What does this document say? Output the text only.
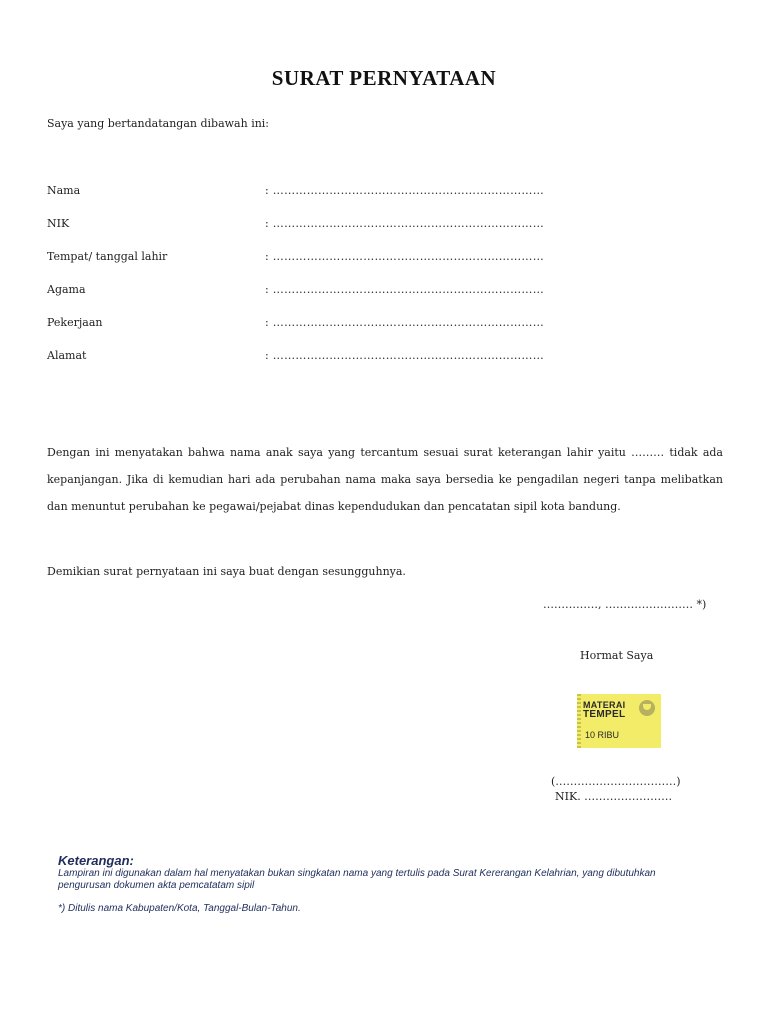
SURAT PERNYATAAN
Saya yang bertandatangan dibawah ini:
Nama	: ………………………………………………………………
NIK	: ………………………………………………………………
Tempat/ tanggal lahir	: ………………………………………………………………
Agama	: ………………………………………………………………
Pekerjaan	: ………………………………………………………………
Alamat	: ………………………………………………………………
Dengan ini menyatakan bahwa nama anak saya yang tercantum sesuai surat keterangan lahir yaitu ……… tidak ada kepanjangan. Jika di kemudian hari ada perubahan nama maka saya bersedia ke pengadilan negeri tanpa melibatkan dan menuntut perubahan ke pegawai/pejabat dinas kependudukan dan pencatatan sipil kota bandung.
Demikian surat pernyataan ini saya buat dengan sesungguhnya.
……………, …………………… *)
Hormat Saya
MATERAI
TEMPEL
10 RIBU
(……………………………)
NIK. ……………………
Keterangan:
Lampiran ini digunakan dalam hal menyatakan bukan singkatan nama yang tertulis pada Surat Kererangan Kelahrian, yang dibutuhkan pengurusan dokumen akta pemcatatam sipil
*) Ditulis nama Kabupaten/Kota, Tanggal-Bulan-Tahun.
